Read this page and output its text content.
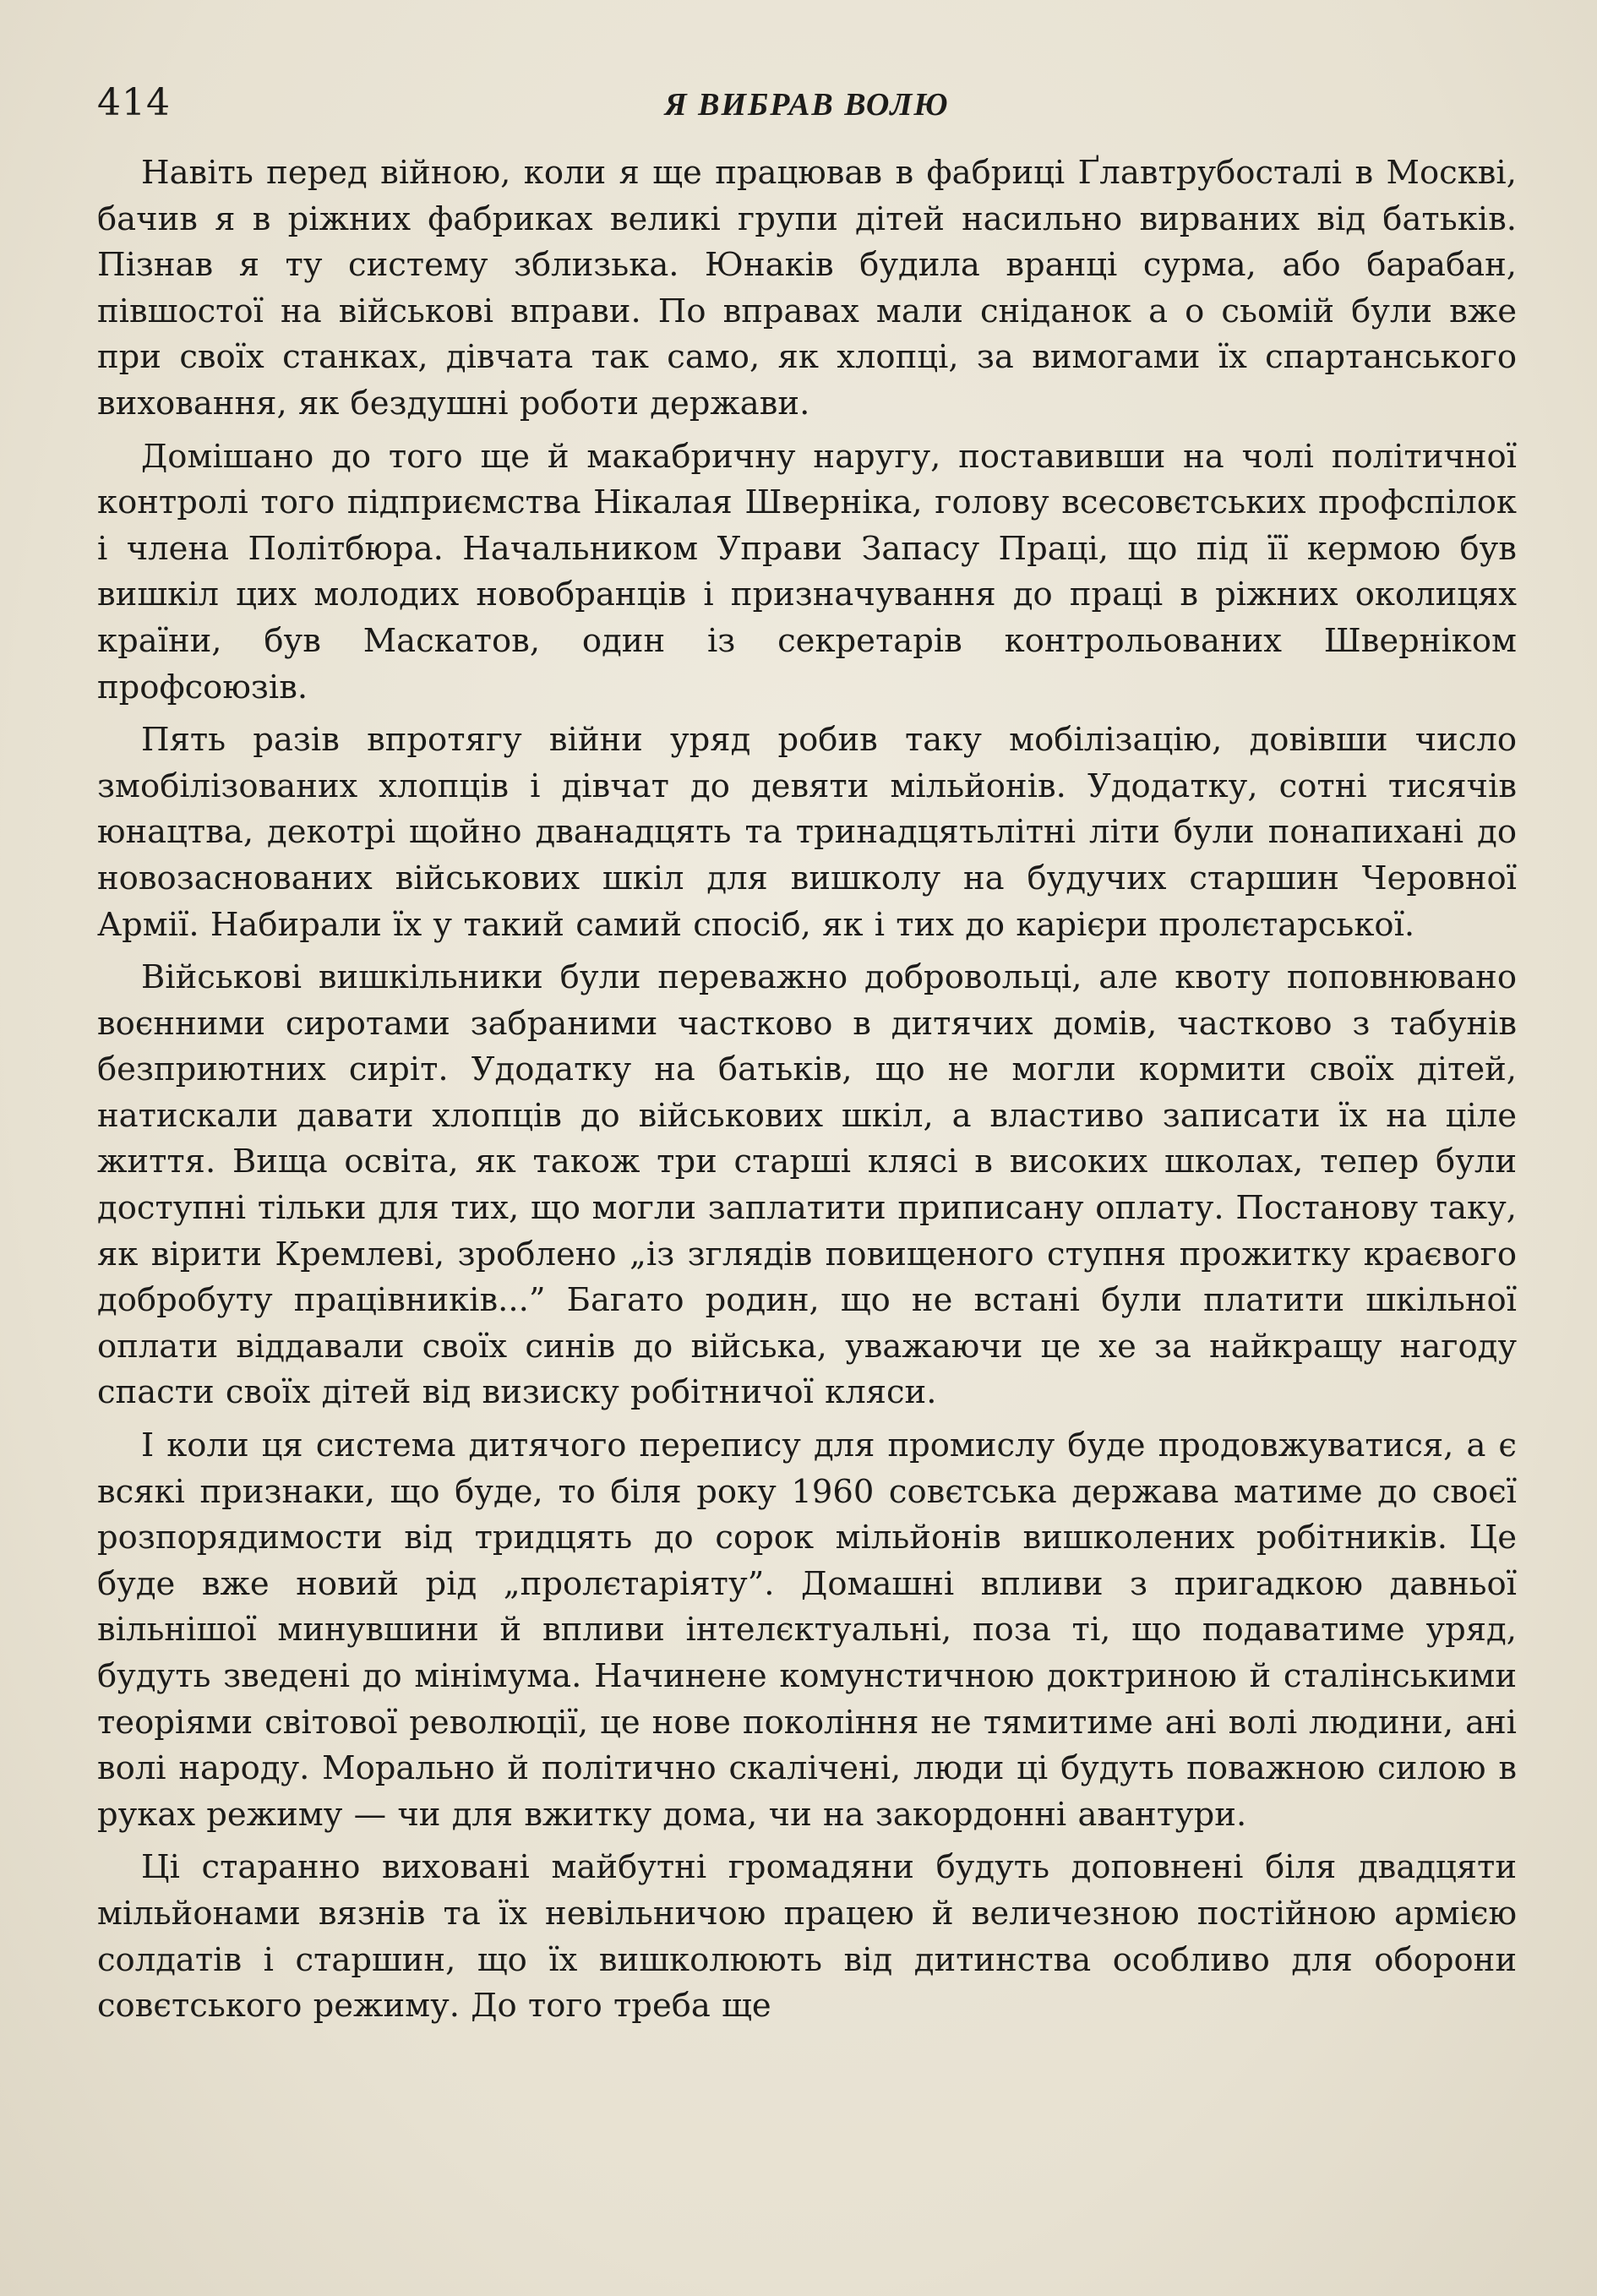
414	Я ВИБРАВ ВОЛЮ

Навіть перед війною, коли я ще працював в фабриці Ґлавтрубосталі в Москві, бачив я в ріжних фабриках великі групи дітей насильно вирваних від батьків. Пізнав я ту систему зблизька. Юнаків будила вранці сурма, або барабан, півшостої на військові вправи. По вправах мали сніданок а о сьомій були вже при своїх станках, дівчата так само, як хлопці, за вимогами їх спартанського виховання, як бездушні роботи держави.

Домішано до того ще й макабричну наругу, поставивши на чолі політичної контролі того підприємства Нікалая Шверніка, голову всесовєтських профспілок і члена Політбюра. Начальником Управи Запасу Праці, що під її кермою був вишкіл цих молодих новобранців і призначування до праці в ріжних околицях країни, був Маскатов, один із секретарів контрольованих Шверніком профсоюзів.

Пять разів впротягу війни уряд робив таку мобілізацію, довівши число змобілізованих хлопців і дівчат до девяти мільйонів. Удодатку, сотні тисячів юнацтва, декотрі щойно дванадцять та тринадцятьлітні літи були понапихані до новозаснованих військових шкіл для вишколу на будучих старшин Черовної Армії. Набирали їх у такий самий спосіб, як і тих до карієри пролєтарської.

Військові вишкільники були переважно добровольці, але квоту поповнювано воєнними сиротами забраними частково в дитячих домів, частково з табунів безприютних сиріт. Удодатку на батьків, що не могли кормити своїх дітей, натискали давати хлопців до військових шкіл, а властиво записати їх на ціле життя. Вища освіта, як також три старші клясі в високих школах, тепер були доступні тільки для тих, що могли заплатити приписану оплату. Постанову таку, як вірити Кремлеві, зроблено „із зглядів повищеного ступня прожитку краєвого добробуту працівників...” Багато родин, що не встані були платити шкільної оплати віддавали своїх синів до війська, уважаючи це хе за найкращу нагоду спасти своїх дітей від визиску робітничої кляси.

І коли ця система дитячого перепису для промислу буде продовжуватися, а є всякі признаки, що буде, то біля року 1960 совєтська держава матиме до своєї розпорядимости від тридцять до сорок мільйонів вишколених робітників. Це буде вже новий рід „пролєтаріяту”. Домашні впливи з пригадкою давньої вільнішої минувшини й впливи інтелєктуальні, поза ті, що подаватиме уряд, будуть зведені до мінімума. Начинене комунстичною доктриною й сталінськими теоріями світової революції, це нове покоління не тямитиме ані волі людини, ані волі народу. Морально й політично скалічені, люди ці будуть поважною силою в руках режиму — чи для вжитку дома, чи на закордонні авантури.

Ці старанно виховані майбутні громадяни будуть доповнені біля двадцяти мільйонами вязнів та їх невільничою працею й величезною постійною армією солдатів і старшин, що їх вишколюють від дитинства особливо для оборони совєтського режиму. До того треба ще
